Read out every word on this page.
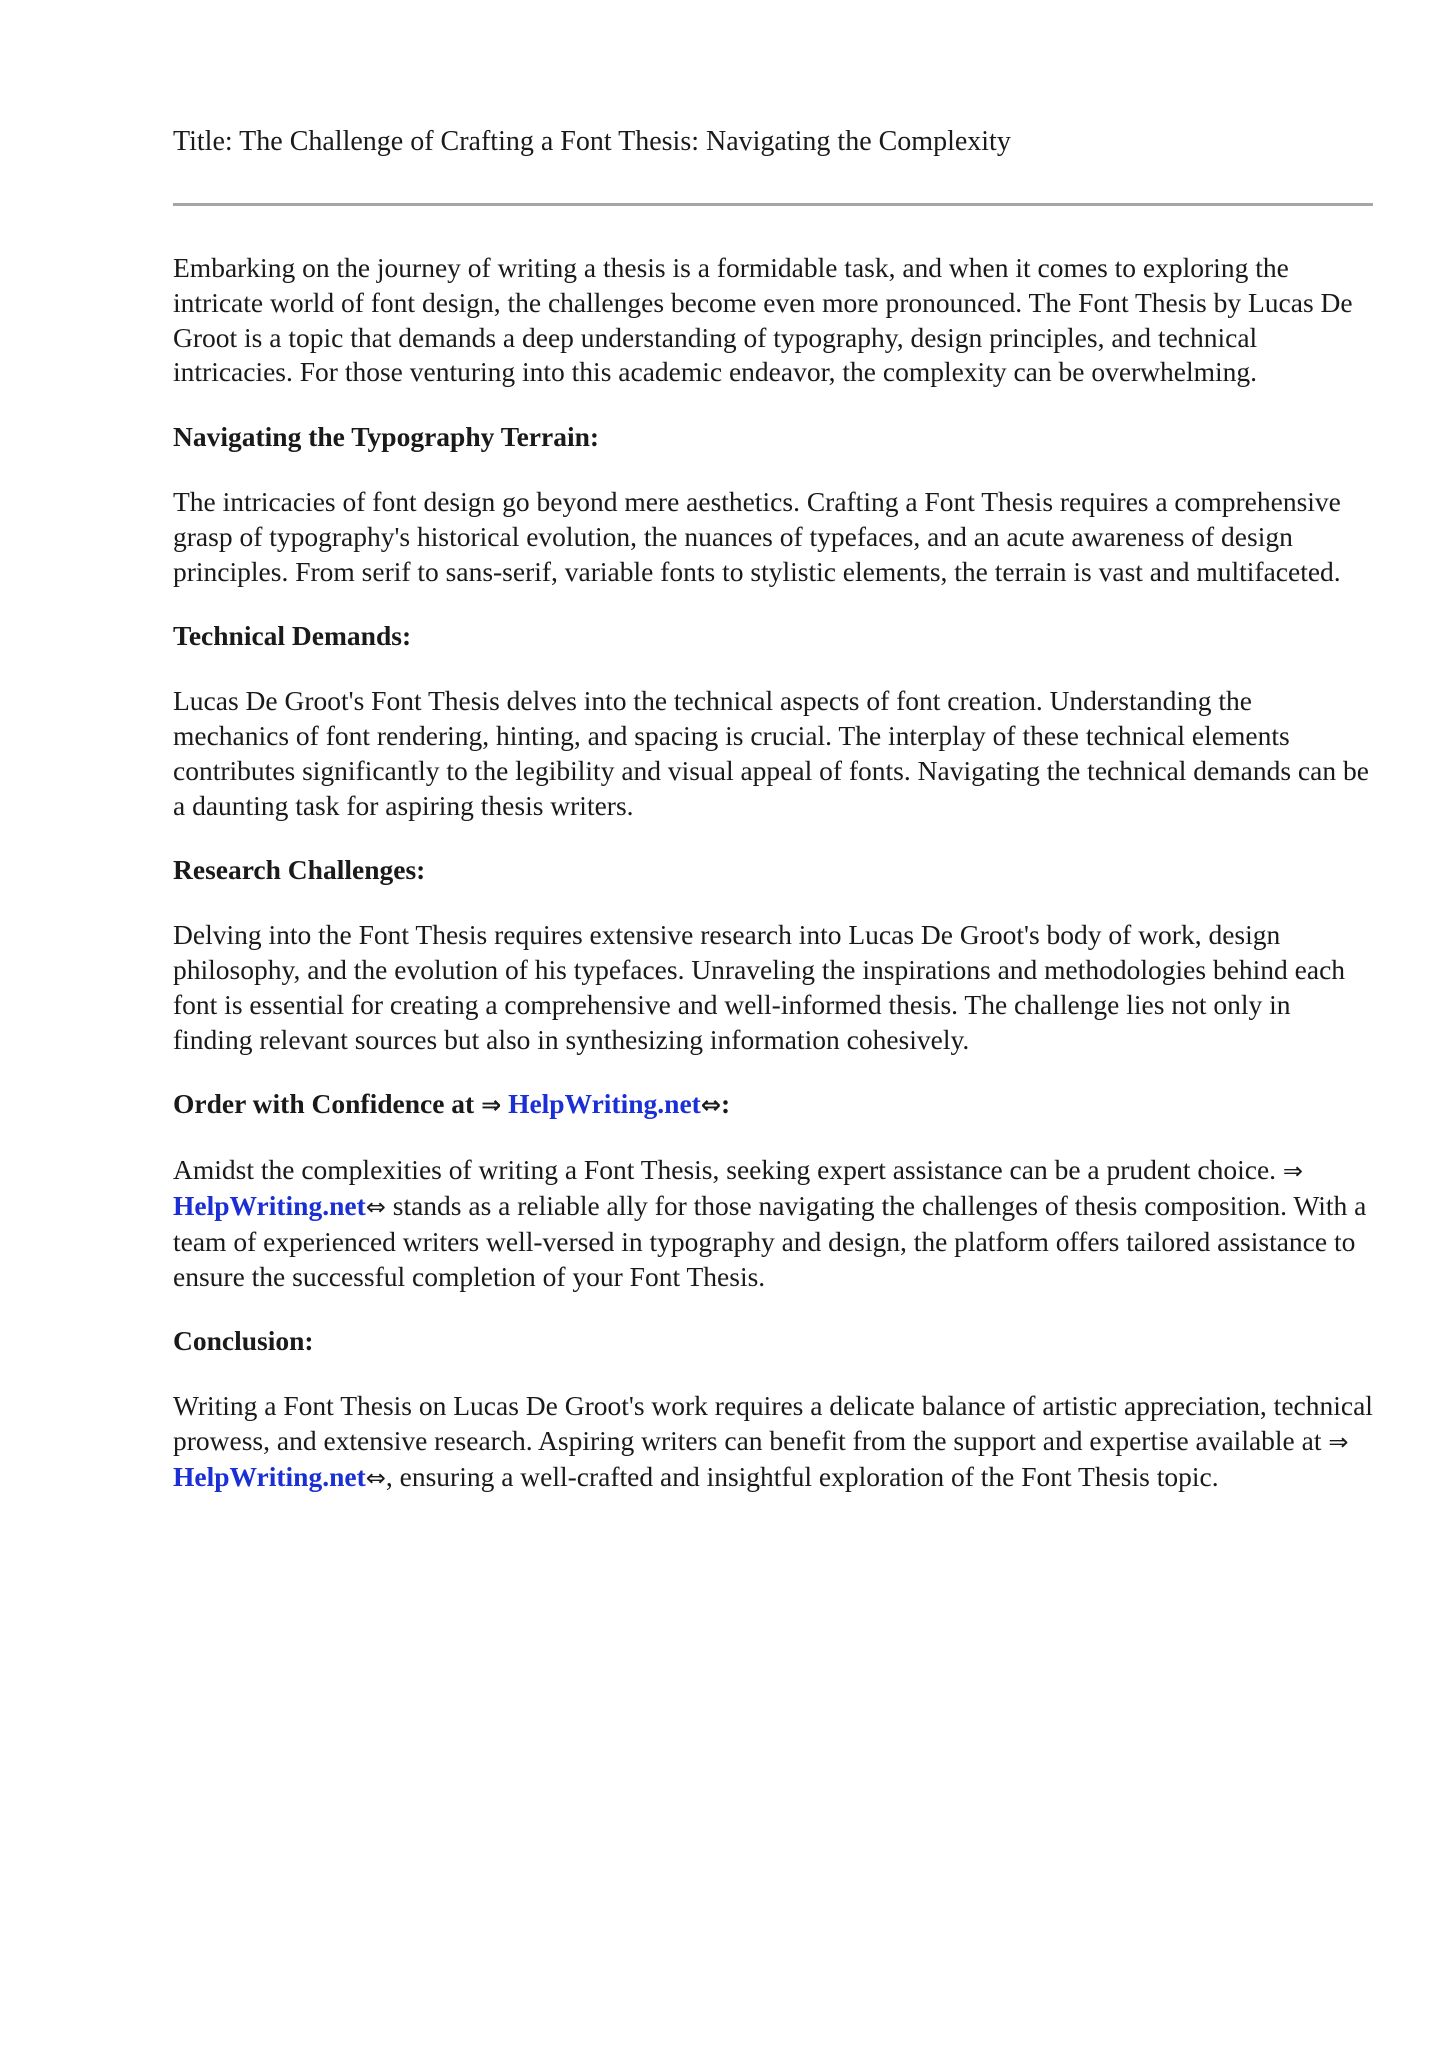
Title: The Challenge of Crafting a Font Thesis: Navigating the Complexity

Embarking on the journey of writing a thesis is a formidable task, and when it comes to exploring the intricate world of font design, the challenges become even more pronounced. The Font Thesis by Lucas De Groot is a topic that demands a deep understanding of typography, design principles, and technical intricacies. For those venturing into this academic endeavor, the complexity can be overwhelming.

Navigating the Typography Terrain:

The intricacies of font design go beyond mere aesthetics. Crafting a Font Thesis requires a comprehensive grasp of typography's historical evolution, the nuances of typefaces, and an acute awareness of design principles. From serif to sans-serif, variable fonts to stylistic elements, the terrain is vast and multifaceted.

Technical Demands:

Lucas De Groot's Font Thesis delves into the technical aspects of font creation. Understanding the mechanics of font rendering, hinting, and spacing is crucial. The interplay of these technical elements contributes significantly to the legibility and visual appeal of fonts. Navigating the technical demands can be a daunting task for aspiring thesis writers.

Research Challenges:

Delving into the Font Thesis requires extensive research into Lucas De Groot's body of work, design philosophy, and the evolution of his typefaces. Unraveling the inspirations and methodologies behind each font is essential for creating a comprehensive and well-informed thesis. The challenge lies not only in finding relevant sources but also in synthesizing information cohesively.

Order with Confidence at ⇒ HelpWriting.net⇔:

Amidst the complexities of writing a Font Thesis, seeking expert assistance can be a prudent choice. ⇒ HelpWriting.net⇔ stands as a reliable ally for those navigating the challenges of thesis composition. With a team of experienced writers well-versed in typography and design, the platform offers tailored assistance to ensure the successful completion of your Font Thesis.

Conclusion:

Writing a Font Thesis on Lucas De Groot's work requires a delicate balance of artistic appreciation, technical prowess, and extensive research. Aspiring writers can benefit from the support and expertise available at ⇒ HelpWriting.net⇔, ensuring a well-crafted and insightful exploration of the Font Thesis topic.
